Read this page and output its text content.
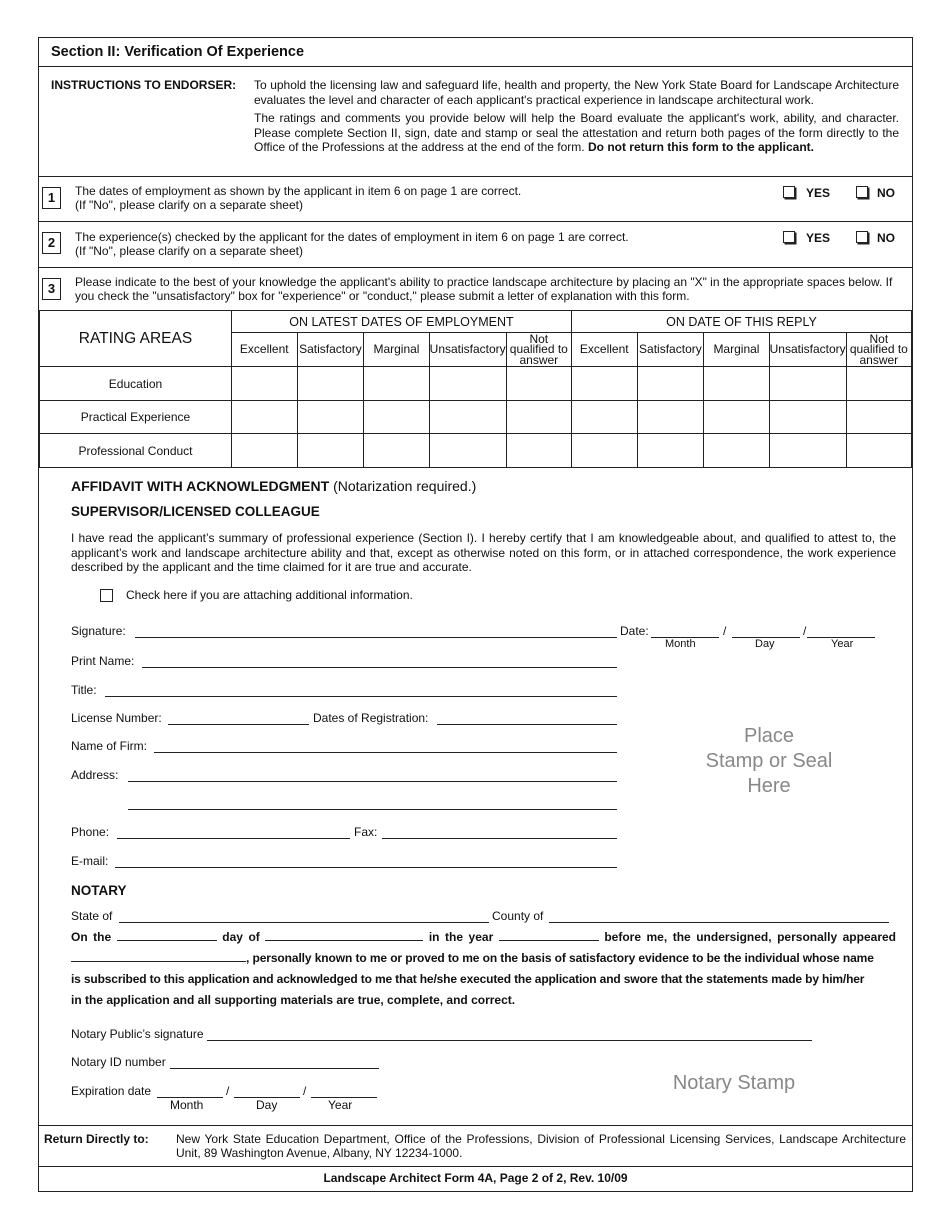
Section II: Verification Of Experience
INSTRUCTIONS TO ENDORSER: To uphold the licensing law and safeguard life, health and property, the New York State Board for Landscape Architecture evaluates the level and character of each applicant's practical experience in landscape architectural work.

The ratings and comments you provide below will help the Board evaluate the applicant's work, ability, and character. Please complete Section II, sign, date and stamp or seal the attestation and return both pages of the form directly to the Office of the Professions at the address at the end of the form. Do not return this form to the applicant.

1	The dates of employment as shown by the applicant in item 6 on page 1 are correct.
(If "No", please clarify on a separate sheet)
YES	NO
2	The experience(s) checked by the applicant for the dates of employment in item 6 on page 1 are correct.
(If "No", please clarify on a separate sheet)
YES	NO
3	Please indicate to the best of your knowledge the applicant's ability to practice landscape architecture by placing an "X" in the appropriate spaces below. If you check the "unsatisfactory" box for "experience" or "conduct," please submit a letter of explanation with this form.
RATING AREAS	ON LATEST DATES OF EMPLOYMENT					ON DATE OF THIS REPLY				
	Excellent	Satisfactory	Marginal	Unsatisfactory	Not qualified to answer	Excellent	Satisfactory	Marginal	Unsatisfactory	Not qualified to answer
Education										
Practical Experience										
Professional Conduct										
AFFIDAVIT WITH ACKNOWLEDGMENT (Notarization required.)
SUPERVISOR/LICENSED COLLEAGUE
I have read the applicant’s summary of professional experience (Section I). I hereby certify that I am knowledgeable about, and qualified to attest to, the applicant’s work and landscape architecture ability and that, except as otherwise noted on this form, or in attached correspondence, the work experience described by the applicant and the time claimed for it are true and accurate.
Check here if you are attaching additional information.
Signature:	Date:	/	/
Month	Day	Year
Print Name:
Title:
License Number:	Dates of Registration:
Name of Firm:
Address:
Phone:	Fax:
E-mail:
Place
Stamp or Seal
Here
NOTARY
State of	County of
On the	day of	in the year	before me, the undersigned, personally appeared
, personally known to me or proved to me on the basis of satisfactory evidence to be the individual whose name
is subscribed to this application and acknowledged to me that he/she executed the application and swore that the statements made by him/her
in the application and all supporting materials are true, complete, and correct.
Notary Public’s signature
Notary ID number
Expiration date	/	/
Month	Day	Year
Notary Stamp
Return Directly to: New York State Education Department, Office of the Professions, Division of Professional Licensing Services, Landscape Architecture Unit, 89 Washington Avenue, Albany, NY 12234-1000.
Landscape Architect Form 4A, Page 2 of 2, Rev. 10/09
